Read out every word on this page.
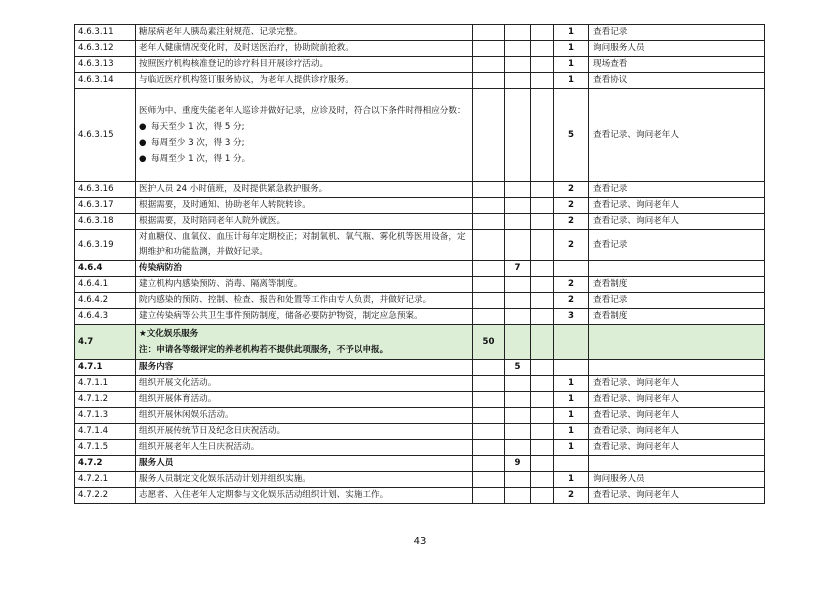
4.6.3.11	糖尿病老年人胰岛素注射规范、记录完整。				1	查看记录
4.6.3.12	老年人健康情况变化时，及时送医治疗，协助院前抢救。				1	询问服务人员
4.6.3.13	按照医疗机构核准登记的诊疗科目开展诊疗活动。				1	现场查看
4.6.3.14	与临近医疗机构签订服务协议，为老年人提供诊疗服务。				1	查看协议
4.6.3.15	医师为中、重度失能老年人巡诊并做好记录，应诊及时，符合以下条件时得相应分数：
● 每天至少 1 次，得 5 分;
● 每周至少 3 次，得 3 分;
● 每周至少 1 次，得 1 分。				5	查看记录、询问老年人
4.6.3.16	医护人员 24 小时值班，及时提供紧急救护服务。				2	查看记录
4.6.3.17	根据需要，及时通知、协助老年人转院转诊。				2	查看记录、询问老年人
4.6.3.18	根据需要，及时陪同老年人院外就医。				2	查看记录、询问老年人
4.6.3.19	对血糖仪、血氧仪、血压计每年定期校正；对制氧机、氧气瓶、雾化机等医用设备，定期维护和功能监测，并做好记录。				2	查看记录
4.6.4	传染病防治		7			
4.6.4.1	建立机构内感染预防、消毒、隔离等制度。				2	查看制度
4.6.4.2	院内感染的预防、控制、检查、报告和处置等工作由专人负责，并做好记录。				2	查看记录
4.6.4.3	建立传染病等公共卫生事件预防制度，储备必要防护物资，制定应急预案。				3	查看制度
4.7	★文化娱乐服务
注：申请各等级评定的养老机构若不提供此项服务，不予以申报。	50				
4.7.1	服务内容		5			
4.7.1.1	组织开展文化活动。				1	查看记录、询问老年人
4.7.1.2	组织开展体育活动。				1	查看记录、询问老年人
4.7.1.3	组织开展休闲娱乐活动。				1	查看记录、询问老年人
4.7.1.4	组织开展传统节日及纪念日庆祝活动。				1	查看记录、询问老年人
4.7.1.5	组织开展老年人生日庆祝活动。				1	查看记录、询问老年人
4.7.2	服务人员		9			
4.7.2.1	服务人员制定文化娱乐活动计划并组织实施。				1	询问服务人员
4.7.2.2	志愿者、入住老年人定期参与文化娱乐活动组织计划、实施工作。				2	查看记录、询问老年人
43
